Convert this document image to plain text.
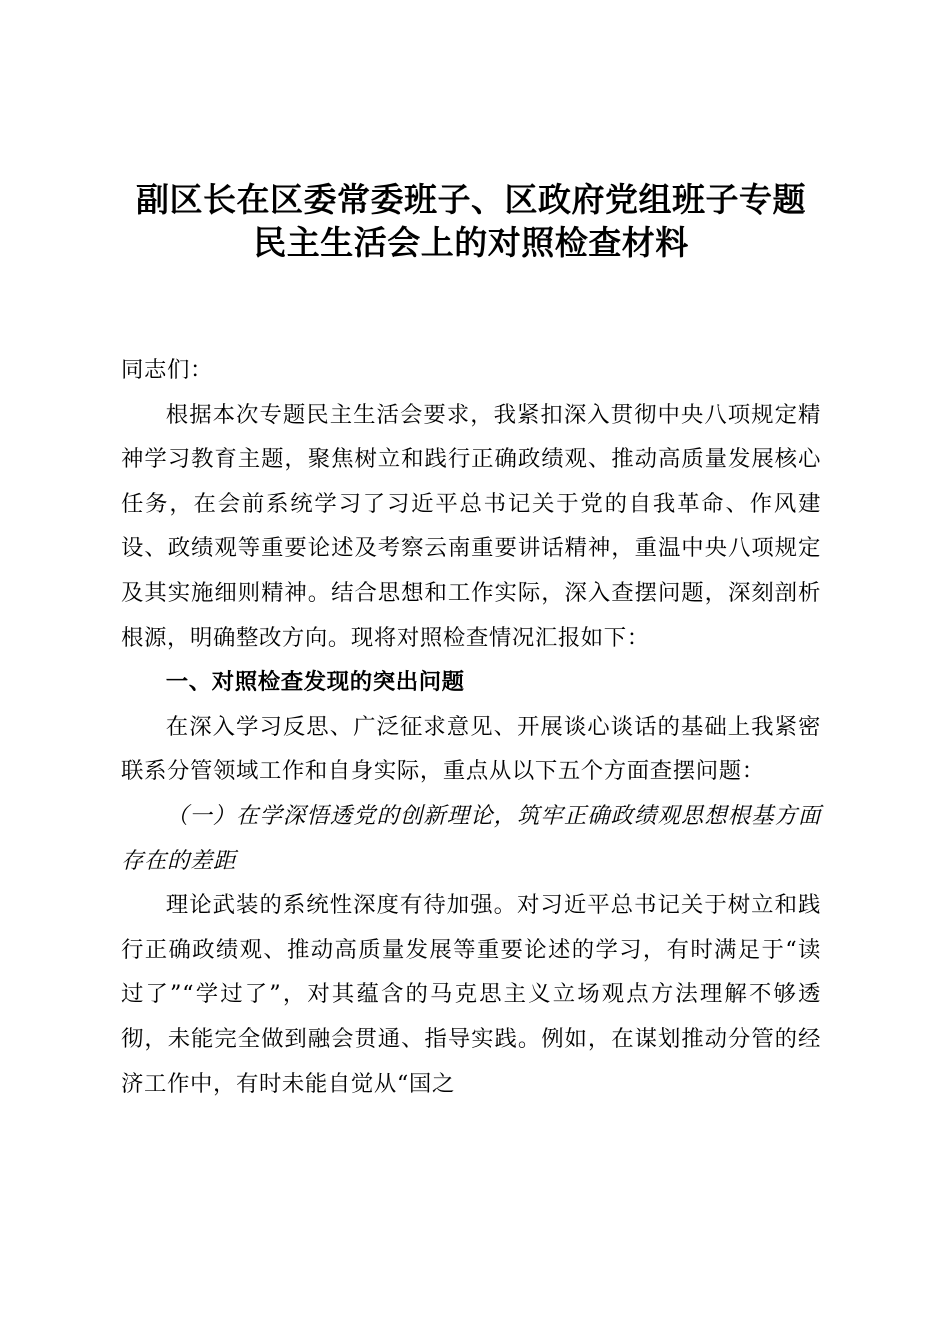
副区长在区委常委班子、区政府党组班子专题
民主生活会上的对照检查材料

同志们：

根据本次专题民主生活会要求，我紧扣深入贯彻中央八项规定精神学习教育主题，聚焦树立和践行正确政绩观、推动高质量发展核心任务，在会前系统学习了习近平总书记关于党的自我革命、作风建设、政绩观等重要论述及考察云南重要讲话精神，重温中央八项规定及其实施细则精神。结合思想和工作实际，深入查摆问题，深刻剖析根源，明确整改方向。现将对照检查情况汇报如下：

一、对照检查发现的突出问题

在深入学习反思、广泛征求意见、开展谈心谈话的基础上我紧密联系分管领域工作和自身实际，重点从以下五个方面查摆问题：

（一）在学深悟透党的创新理论，筑牢正确政绩观思想根基方面存在的差距

理论武装的系统性深度有待加强。对习近平总书记关于树立和践行正确政绩观、推动高质量发展等重要论述的学习，有时满足于“读过了”“学过了”，对其蕴含的马克思主义立场观点方法理解不够透彻，未能完全做到融会贯通、指导实践。例如，在谋划推动分管的经济工作中，有时未能自觉从“国之
